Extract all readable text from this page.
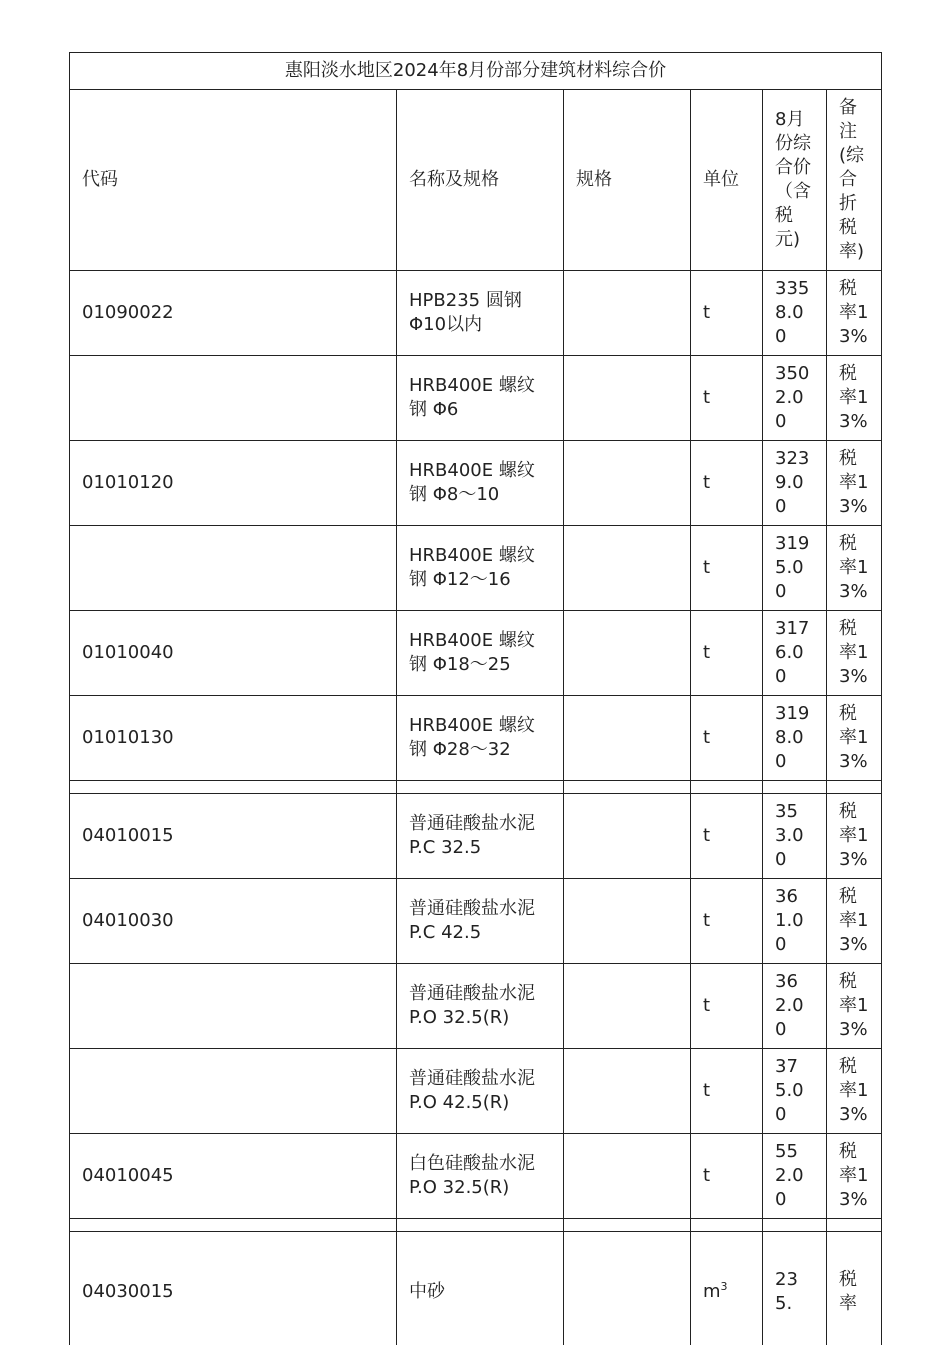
惠阳淡水地区2024年8月份部分建筑材料综合价					
代码	名称及规格	规格	单位	8月份综合价（含税元)	备注(综合折税率)
01090022	HPB235 圆钢 Φ10以内		t	3358.00	税率13%
	HRB400E 螺纹钢 Φ6		t	3502.00	税率13%
01010120	HRB400E 螺纹钢 Φ8～10		t	3239.00	税率13%
	HRB400E 螺纹钢 Φ12～16		t	3195.00	税率13%
01010040	HRB400E 螺纹钢 Φ18～25		t	3176.00	税率13%
01010130	HRB400E 螺纹钢 Φ28～32		t	3198.00	税率13%

04010015	普通硅酸盐水泥P.C 32.5		t	353.00	税率13%
04010030	普通硅酸盐水泥P.C 42.5		t	361.00	税率13%
	普通硅酸盐水泥P.O 32.5(R)		t	362.00	税率13%
	普通硅酸盐水泥P.O 42.5(R)		t	375.00	税率13%
04010045	白色硅酸盐水泥P.O 32.5(R)		t	552.00	税率13%

04030015	中砂		$m^3$	235.	税率
